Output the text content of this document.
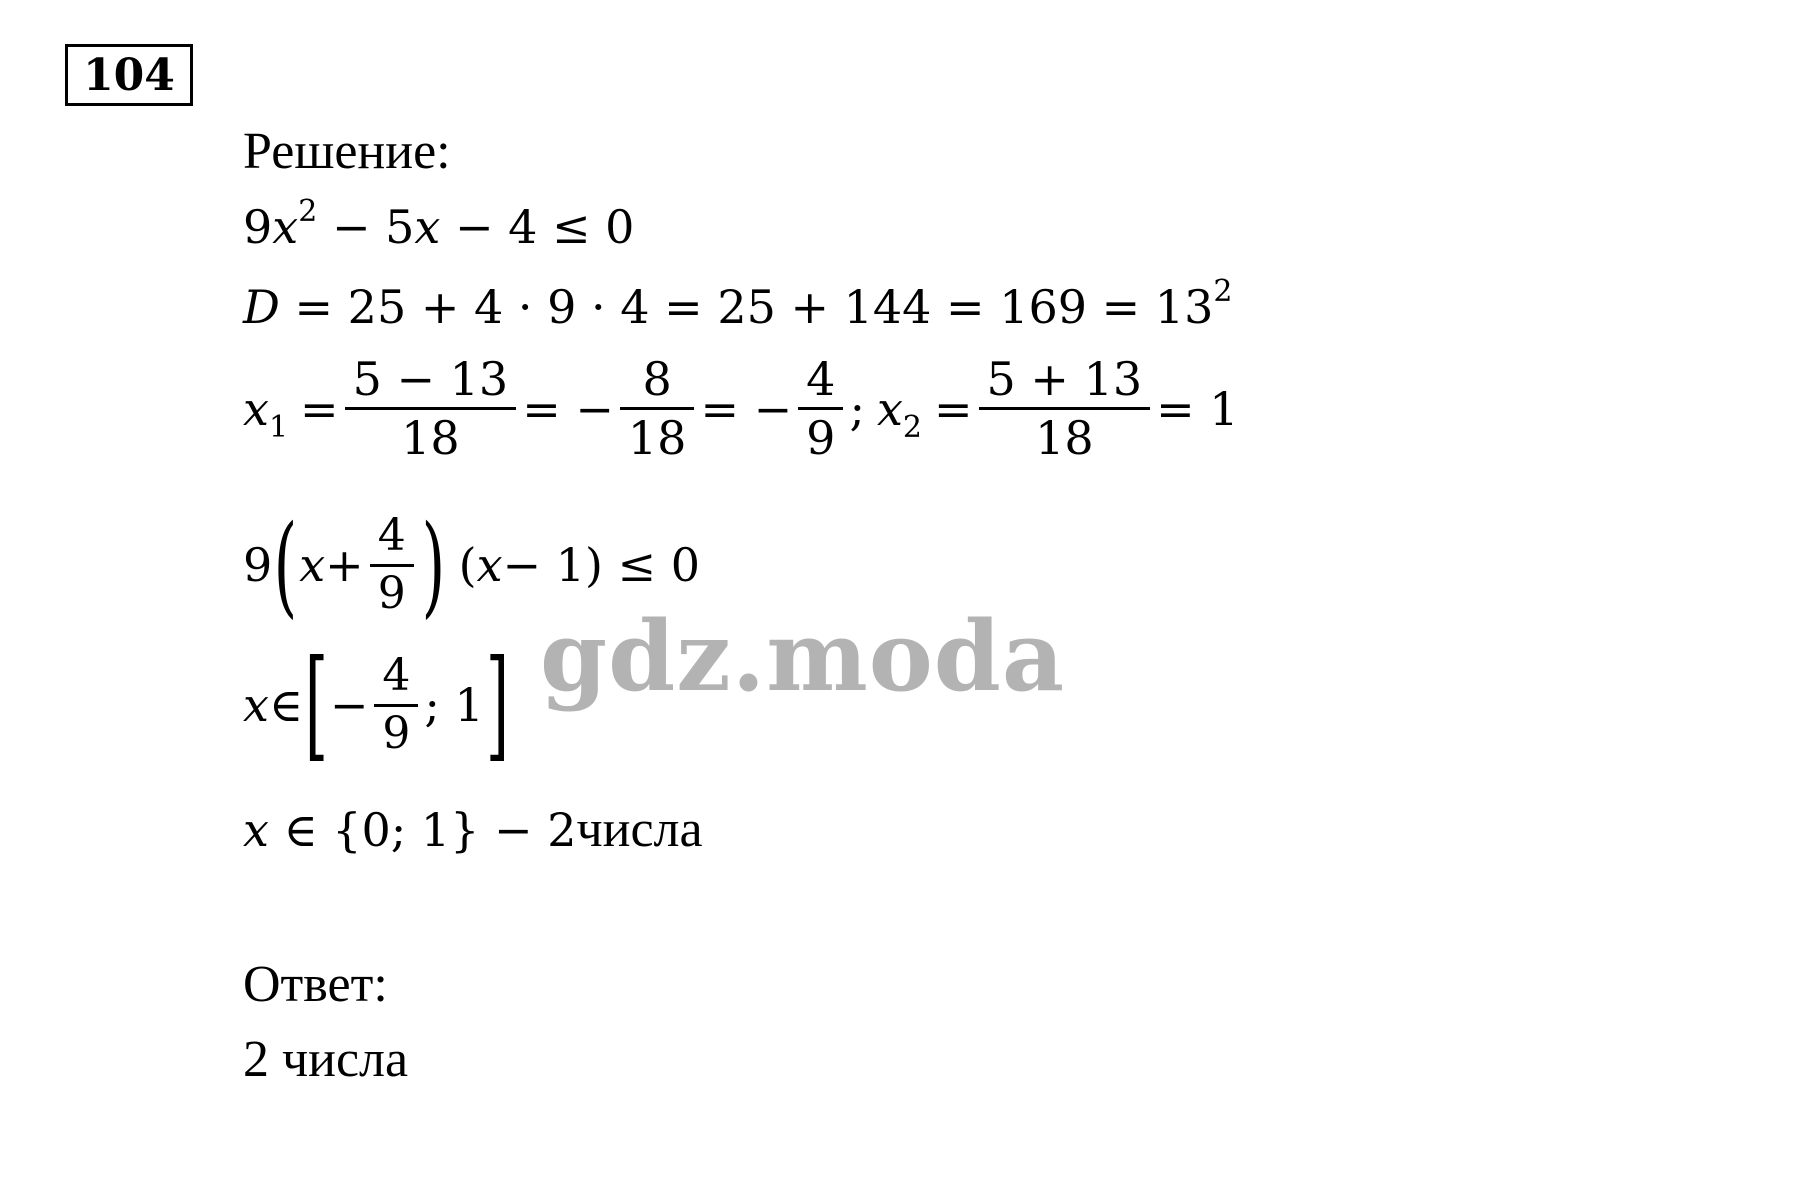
104
Решение:
$9x^2 - 5x - 4 \le 0$
$D = 25 + 4 \cdot 9 \cdot 4 = 25 + 144 = 169 = 13^2$
$x_1 = \frac{5 - 13}{18}$ = − $\frac{8}{18}$ = − $\frac{4}{9}$ ; $x_2 = \frac{5 + 13}{18} = 1$
9 ( $x + \frac{4}{9}$ ) ( x − 1) ≤ 0
x ∈ [ − $\frac{4}{9}$ ; 1 ]
x ∈ {0; 1} − 2 числа
Ответ:
2 числа
gdz.moda
